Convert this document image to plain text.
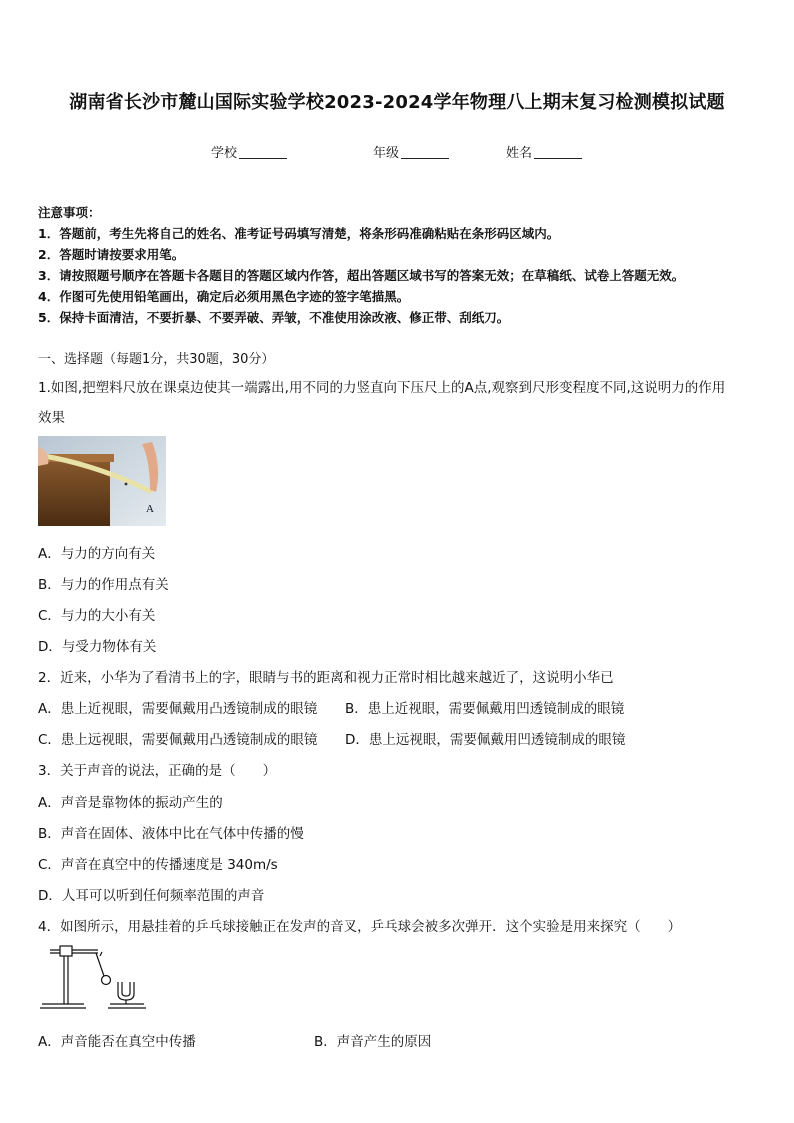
湖南省长沙市麓山国际实验学校2023-2024学年物理八上期末复习检测模拟试题
学校	年级	姓名
注意事项：
1．答题前，考生先将自己的姓名、准考证号码填写清楚，将条形码准确粘贴在条形码区域内。
2．答题时请按要求用笔。
3．请按照题号顺序在答题卡各题目的答题区域内作答，超出答题区域书写的答案无效；在草稿纸、试卷上答题无效。
4．作图可先使用铅笔画出，确定后必须用黑色字迹的签字笔描黑。
5．保持卡面清洁，不要折暴、不要弄破、弄皱，不准使用涂改液、修正带、刮纸刀。
一、选择题（每题1分，共30题，30分）
1.如图,把塑料尺放在课桌边使其一端露出,用不同的力竖直向下压尺上的A点,观察到尺形变程度不同,这说明力的作用
效果
A
A．与力的方向有关
B．与力的作用点有关
C．与力的大小有关
D．与受力物体有关
2．近来，小华为了看清书上的字，眼睛与书的距离和视力正常时相比越来越近了，这说明小华已
A．患上近视眼，需要佩戴用凸透镜制成的眼镜 B．患上近视眼，需要佩戴用凹透镜制成的眼镜
C．患上远视眼，需要佩戴用凸透镜制成的眼镜 D．患上远视眼，需要佩戴用凹透镜制成的眼镜
3．关于声音的说法，正确的是（　　）
A．声音是靠物体的振动产生的
B．声音在固体、液体中比在气体中传播的慢
C．声音在真空中的传播速度是 340m/s
D．人耳可以听到任何频率范围的声音
4．如图所示，用悬挂着的乒乓球接触正在发声的音叉，乒乓球会被多次弹开．这个实验是用来探究（　　）
A．声音能否在真空中传播	B．声音产生的原因
